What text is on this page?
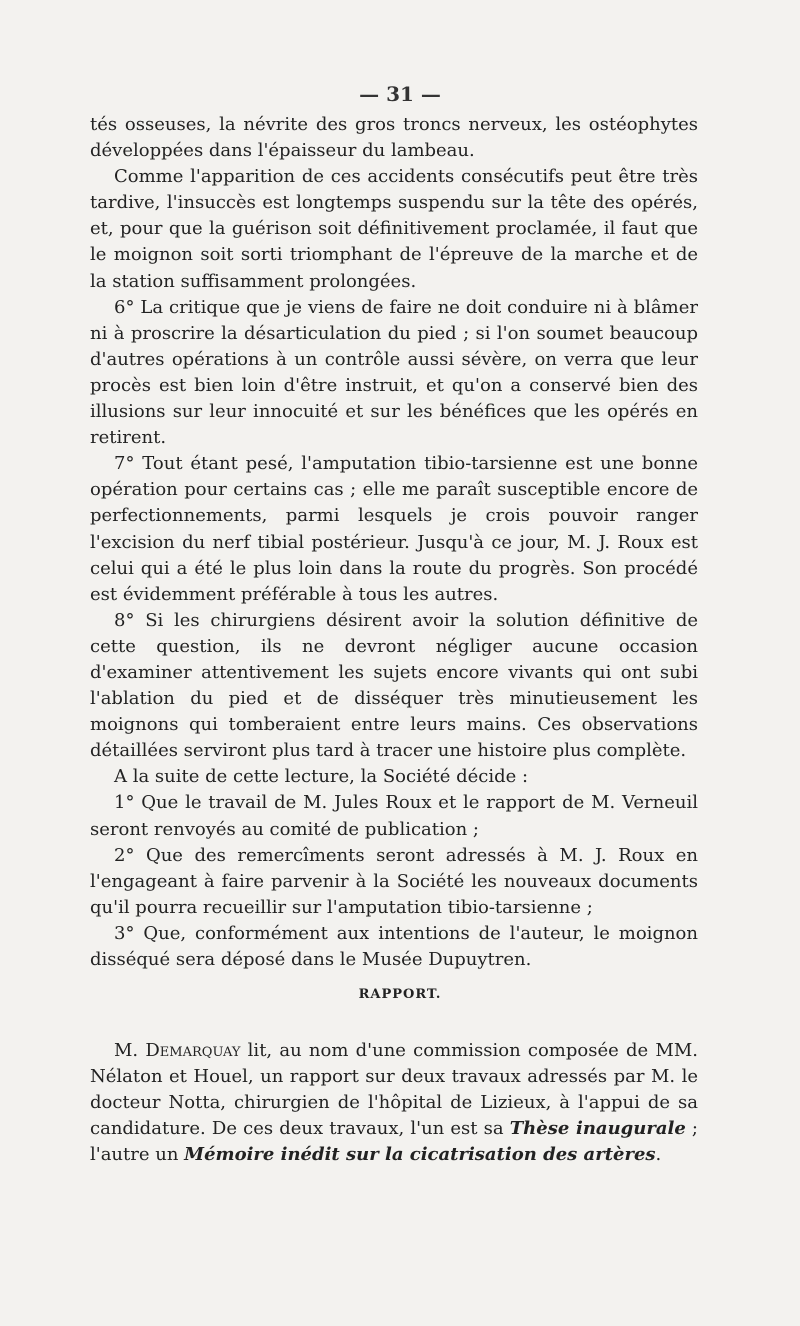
— 31 —

tés osseuses, la névrite des gros troncs nerveux, les ostéophytes développées dans l'épaisseur du lambeau.

Comme l'apparition de ces accidents consécutifs peut être très tardive, l'insuccès est longtemps suspendu sur la tête des opérés, et, pour que la guérison soit définitivement proclamée, il faut que le moignon soit sorti triomphant de l'épreuve de la marche et de la station suffisamment prolongées.

6° La critique que je viens de faire ne doit conduire ni à blâmer ni à proscrire la désarticulation du pied ; si l'on soumet beaucoup d'autres opérations à un contrôle aussi sévère, on verra que leur procès est bien loin d'être instruit, et qu'on a conservé bien des illusions sur leur innocuité et sur les bénéfices que les opérés en retirent.

7° Tout étant pesé, l'amputation tibio-tarsienne est une bonne opération pour certains cas ; elle me paraît susceptible encore de perfectionnements, parmi lesquels je crois pouvoir ranger l'excision du nerf tibial postérieur. Jusqu'à ce jour, M. J. Roux est celui qui a été le plus loin dans la route du progrès. Son procédé est évidemment préférable à tous les autres.

8° Si les chirurgiens désirent avoir la solution définitive de cette question, ils ne devront négliger aucune occasion d'examiner attentivement les sujets encore vivants qui ont subi l'ablation du pied et de disséquer très minutieusement les moignons qui tomberaient entre leurs mains. Ces observations détaillées serviront plus tard à tracer une histoire plus complète.

A la suite de cette lecture, la Société décide :

1° Que le travail de M. Jules Roux et le rapport de M. Verneuil seront renvoyés au comité de publication ;

2° Que des remercîments seront adressés à M. J. Roux en l'engageant à faire parvenir à la Société les nouveaux documents qu'il pourra recueillir sur l'amputation tibio-tarsienne ;

3° Que, conformément aux intentions de l'auteur, le moignon disséqué sera déposé dans le Musée Dupuytren.

RAPPORT.

M. Demarquay lit, au nom d'une commission composée de MM. Nélaton et Houel, un rapport sur deux travaux adressés par M. le docteur Notta, chirurgien de l'hôpital de Lizieux, à l'appui de sa candidature. De ces deux travaux, l'un est sa Thèse inaugurale ; l'autre un Mémoire inédit sur la cicatrisation des artères.
